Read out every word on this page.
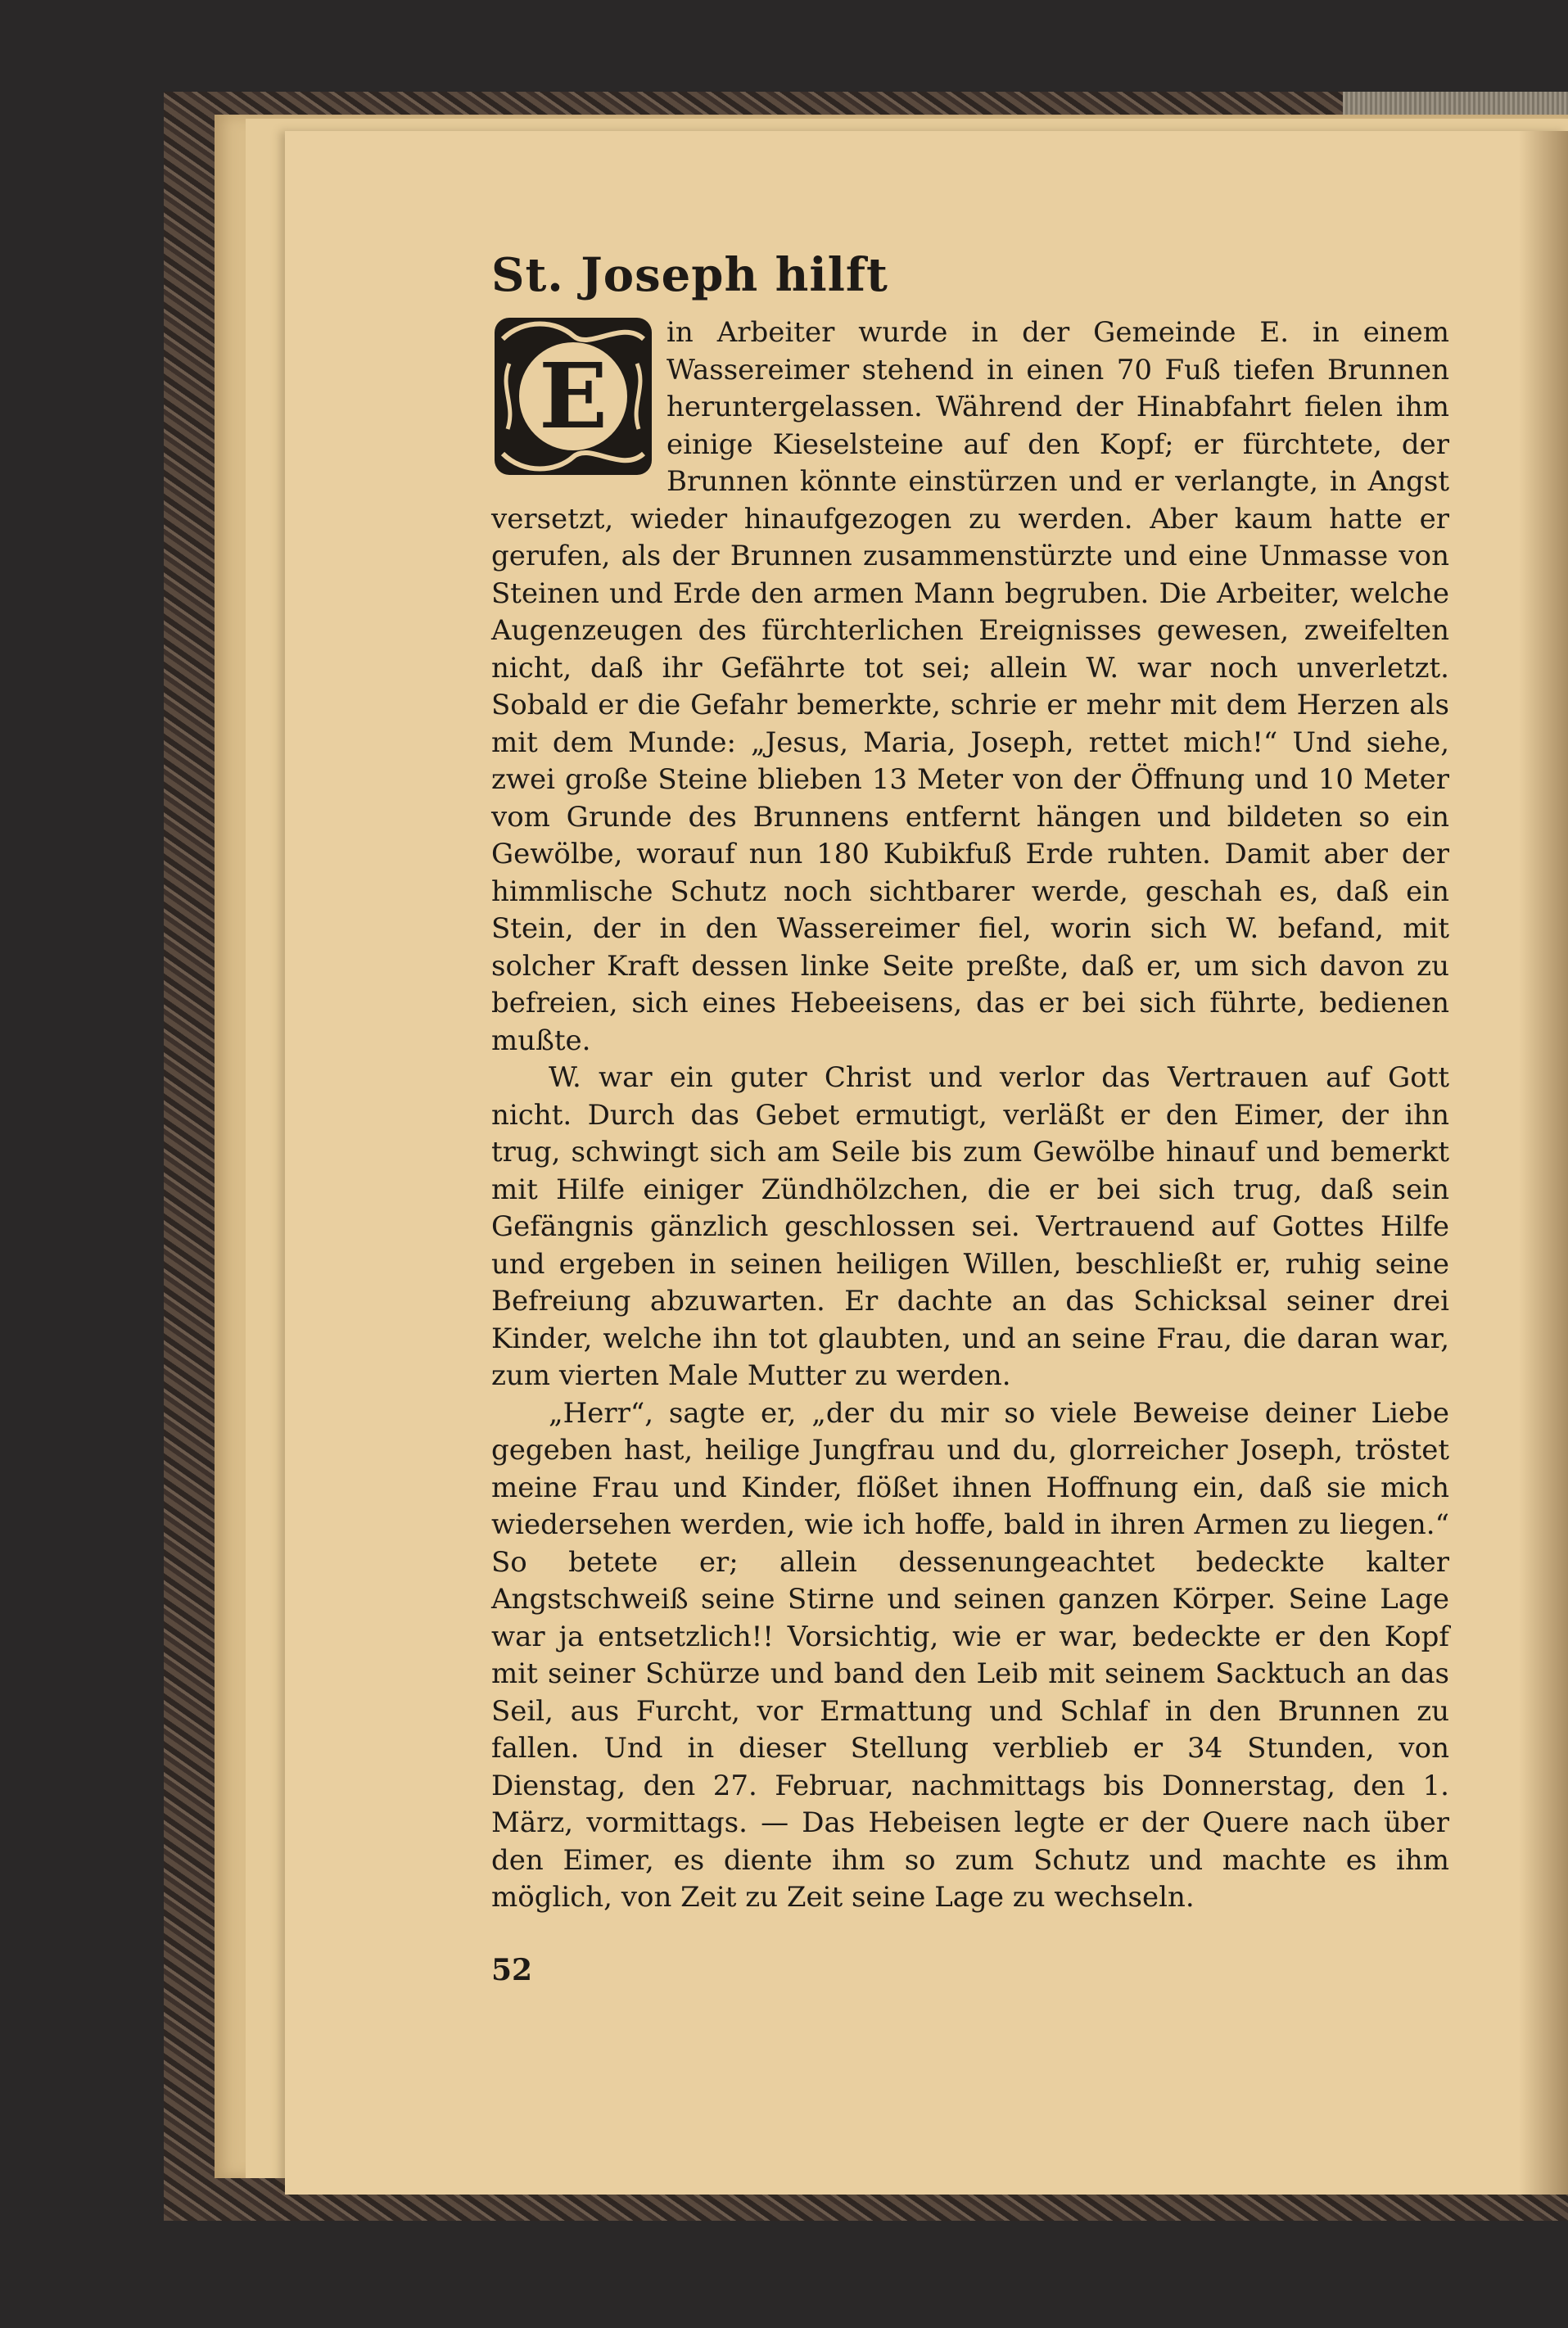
St. Joseph hilft
E

in Arbeiter wurde in der Gemeinde E. in einem Wassereimer stehend in einen 70 Fuß tiefen Brunnen heruntergelassen. Während der Hinabfahrt fielen ihm einige Kieselsteine auf den Kopf; er fürchtete, der Brunnen könnte einstürzen und er verlangte, in Angst versetzt, wieder hinaufgezogen zu werden. Aber kaum hatte er gerufen, als der Brunnen zusammenstürzte und eine Unmasse von Steinen und Erde den armen Mann begruben. Die Arbeiter, welche Augenzeugen des fürchterlichen Ereignisses gewesen, zweifelten nicht, daß ihr Gefährte tot sei; allein W. war noch unverletzt. Sobald er die Gefahr bemerkte, schrie er mehr mit dem Herzen als mit dem Munde: „Jesus, Maria, Joseph, rettet mich!“ Und siehe, zwei große Steine blieben 13 Meter von der Öffnung und 10 Meter vom Grunde des Brunnens entfernt hängen und bildeten so ein Gewölbe, worauf nun 180 Kubikfuß Erde ruhten. Damit aber der himmlische Schutz noch sichtbarer werde, geschah es, daß ein Stein, der in den Wassereimer fiel, worin sich W. befand, mit solcher Kraft dessen linke Seite preßte, daß er, um sich davon zu befreien, sich eines Hebeeisens, das er bei sich führte, bedienen mußte.

W. war ein guter Christ und verlor das Vertrauen auf Gott nicht. Durch das Gebet ermutigt, verläßt er den Eimer, der ihn trug, schwingt sich am Seile bis zum Gewölbe hinauf und bemerkt mit Hilfe einiger Zündhölzchen, die er bei sich trug, daß sein Gefängnis gänzlich geschlossen sei. Vertrauend auf Gottes Hilfe und ergeben in seinen heiligen Willen, beschließt er, ruhig seine Befreiung abzuwarten. Er dachte an das Schicksal seiner drei Kinder, welche ihn tot glaubten, und an seine Frau, die daran war, zum vierten Male Mutter zu werden.

„Herr“, sagte er, „der du mir so viele Beweise deiner Liebe gegeben hast, heilige Jungfrau und du, glorreicher Joseph, tröstet meine Frau und Kinder, flößet ihnen Hoffnung ein, daß sie mich wiedersehen werden, wie ich hoffe, bald in ihren Armen zu liegen.“ So betete er; allein dessenungeachtet bedeckte kalter Angstschweiß seine Stirne und seinen ganzen Körper. Seine Lage war ja entsetzlich!! Vorsichtig, wie er war, bedeckte er den Kopf mit seiner Schürze und band den Leib mit seinem Sacktuch an das Seil, aus Furcht, vor Ermattung und Schlaf in den Brunnen zu fallen. Und in dieser Stellung verblieb er 34 Stunden, von Dienstag, den 27. Februar, nachmittags bis Donnerstag, den 1. März, vormittags. — Das Hebeisen legte er der Quere nach über den Eimer, es diente ihm so zum Schutz und machte es ihm möglich, von Zeit zu Zeit seine Lage zu wechseln.

52
